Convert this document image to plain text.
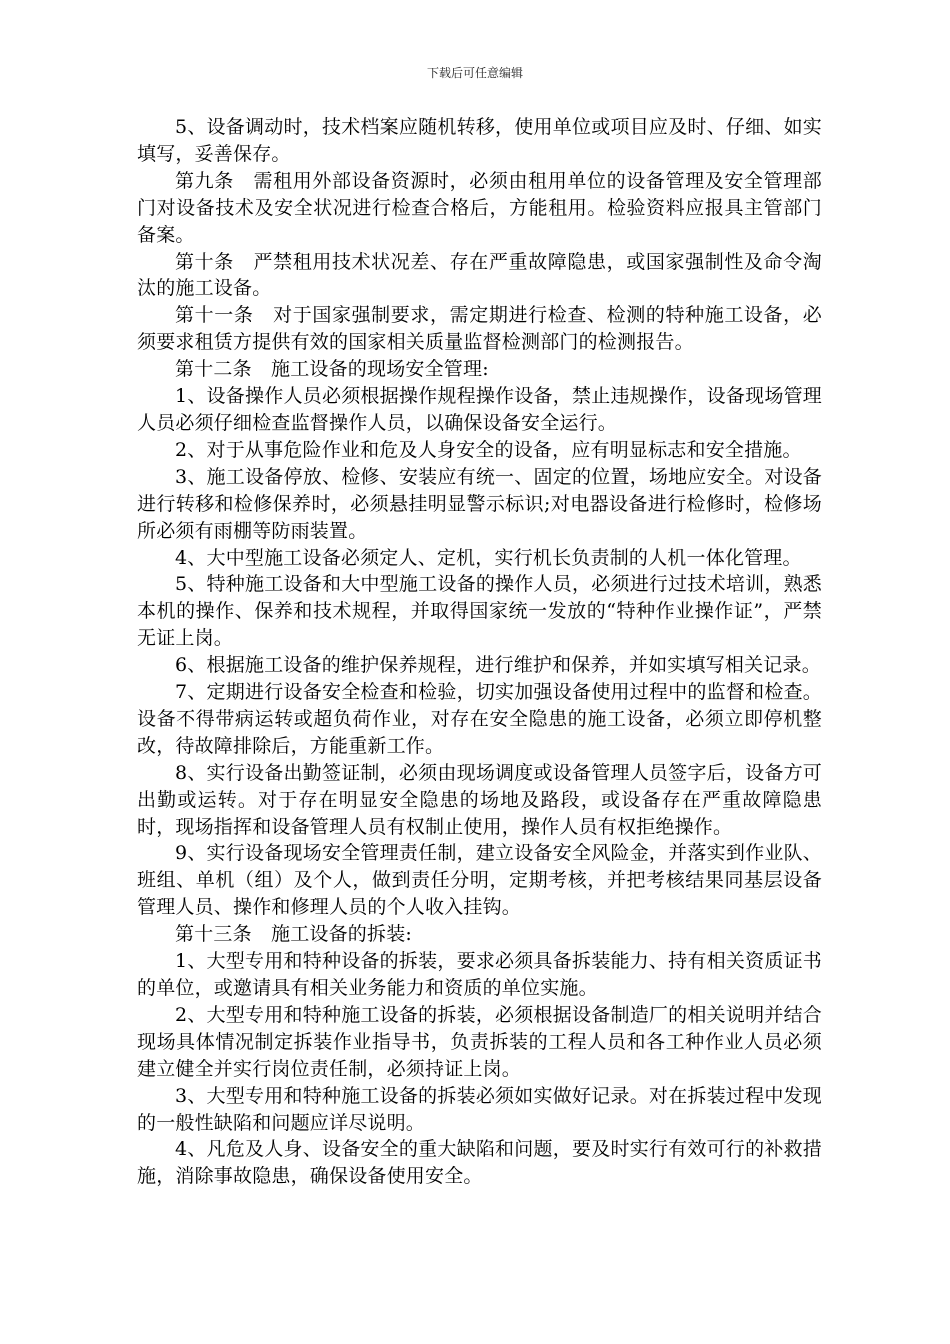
下载后可任意编辑

5、设备调动时，技术档案应随机转移，使用单位或项目应及时、仔细、如实填写，妥善保存。

第九条　需租用外部设备资源时，必须由租用单位的设备管理及安全管理部门对设备技术及安全状况进行检查合格后，方能租用。检验资料应报具主管部门备案。

第十条　严禁租用技术状况差、存在严重故障隐患，或国家强制性及命令淘汰的施工设备。

第十一条　对于国家强制要求，需定期进行检查、检测的特种施工设备，必须要求租赁方提供有效的国家相关质量监督检测部门的检测报告。

第十二条　施工设备的现场安全管理:

1、设备操作人员必须根据操作规程操作设备，禁止违规操作，设备现场管理人员必须仔细检查监督操作人员，以确保设备安全运行。

2、对于从事危险作业和危及人身安全的设备，应有明显标志和安全措施。

3、施工设备停放、检修、安装应有统一、固定的位置，场地应安全。对设备进行转移和检修保养时，必须悬挂明显警示标识;对电器设备进行检修时，检修场所必须有雨棚等防雨装置。

4、大中型施工设备必须定人、定机，实行机长负责制的人机一体化管理。

5、特种施工设备和大中型施工设备的操作人员，必须进行过技术培训，熟悉本机的操作、保养和技术规程，并取得国家统一发放的“特种作业操作证”，严禁无证上岗。

6、根据施工设备的维护保养规程，进行维护和保养，并如实填写相关记录。

7、定期进行设备安全检查和检验，切实加强设备使用过程中的监督和检查。设备不得带病运转或超负荷作业，对存在安全隐患的施工设备，必须立即停机整改，待故障排除后，方能重新工作。

8、实行设备出勤签证制，必须由现场调度或设备管理人员签字后，设备方可出勤或运转。对于存在明显安全隐患的场地及路段，或设备存在严重故障隐患时，现场指挥和设备管理人员有权制止使用，操作人员有权拒绝操作。

9、实行设备现场安全管理责任制，建立设备安全风险金，并落实到作业队、班组、单机（组）及个人，做到责任分明，定期考核，并把考核结果同基层设备管理人员、操作和修理人员的个人收入挂钩。

第十三条　施工设备的拆装:

1、大型专用和特种设备的拆装，要求必须具备拆装能力、持有相关资质证书的单位，或邀请具有相关业务能力和资质的单位实施。

2、大型专用和特种施工设备的拆装，必须根据设备制造厂的相关说明并结合现场具体情况制定拆装作业指导书，负责拆装的工程人员和各工种作业人员必须建立健全并实行岗位责任制，必须持证上岗。

3、大型专用和特种施工设备的拆装必须如实做好记录。对在拆装过程中发现的一般性缺陷和问题应详尽说明。

4、凡危及人身、设备安全的重大缺陷和问题，要及时实行有效可行的补救措施，消除事故隐患，确保设备使用安全。
